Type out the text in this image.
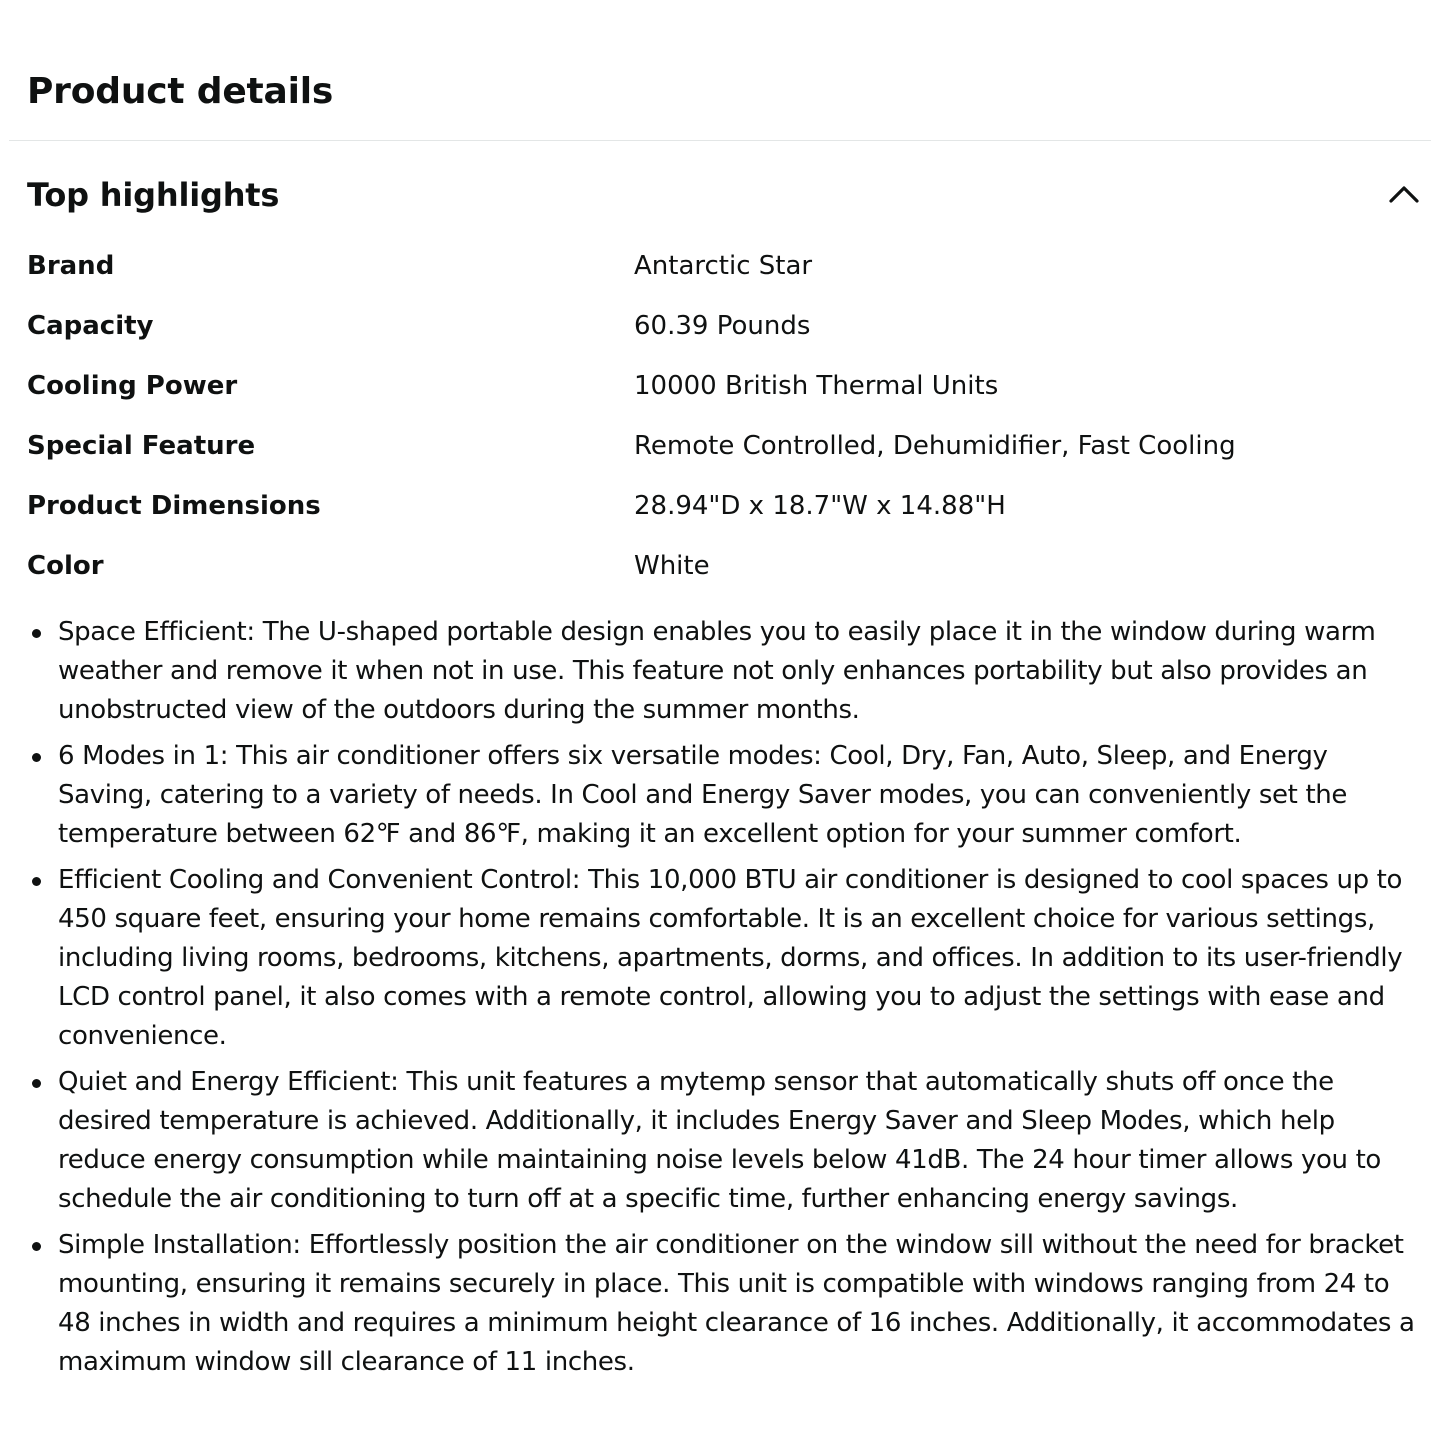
Product details
Top highlights
Brand	Antarctic Star
Capacity	60.39 Pounds
Cooling Power	10000 British Thermal Units
Special Feature	Remote Controlled, Dehumidifier, Fast Cooling
Product Dimensions	28.94"D x 18.7"W x 14.88"H
Color	White
Space Efficient: The U-shaped portable design enables you to easily place it in the window during warm weather and remove it when not in use. This feature not only enhances portability but also provides an unobstructed view of the outdoors during the summer months.
6 Modes in 1: This air conditioner offers six versatile modes: Cool, Dry, Fan, Auto, Sleep, and Energy Saving, catering to a variety of needs. In Cool and Energy Saver modes, you can conveniently set the temperature between 62℉ and 86℉, making it an excellent option for your summer comfort.
Efficient Cooling and Convenient Control: This 10,000 BTU air conditioner is designed to cool spaces up to 450 square feet, ensuring your home remains comfortable. It is an excellent choice for various settings, including living rooms, bedrooms, kitchens, apartments, dorms, and offices. In addition to its user-friendly LCD control panel, it also comes with a remote control, allowing you to adjust the settings with ease and convenience.
Quiet and Energy Efficient: This unit features a mytemp sensor that automatically shuts off once the desired temperature is achieved. Additionally, it includes Energy Saver and Sleep Modes, which help reduce energy consumption while maintaining noise levels below 41dB. The 24 hour timer allows you to schedule the air conditioning to turn off at a specific time, further enhancing energy savings.
Simple Installation: Effortlessly position the air conditioner on the window sill without the need for bracket mounting, ensuring it remains securely in place. This unit is compatible with windows ranging from 24 to 48 inches in width and requires a minimum height clearance of 16 inches. Additionally, it accommodates a maximum window sill clearance of 11 inches.
